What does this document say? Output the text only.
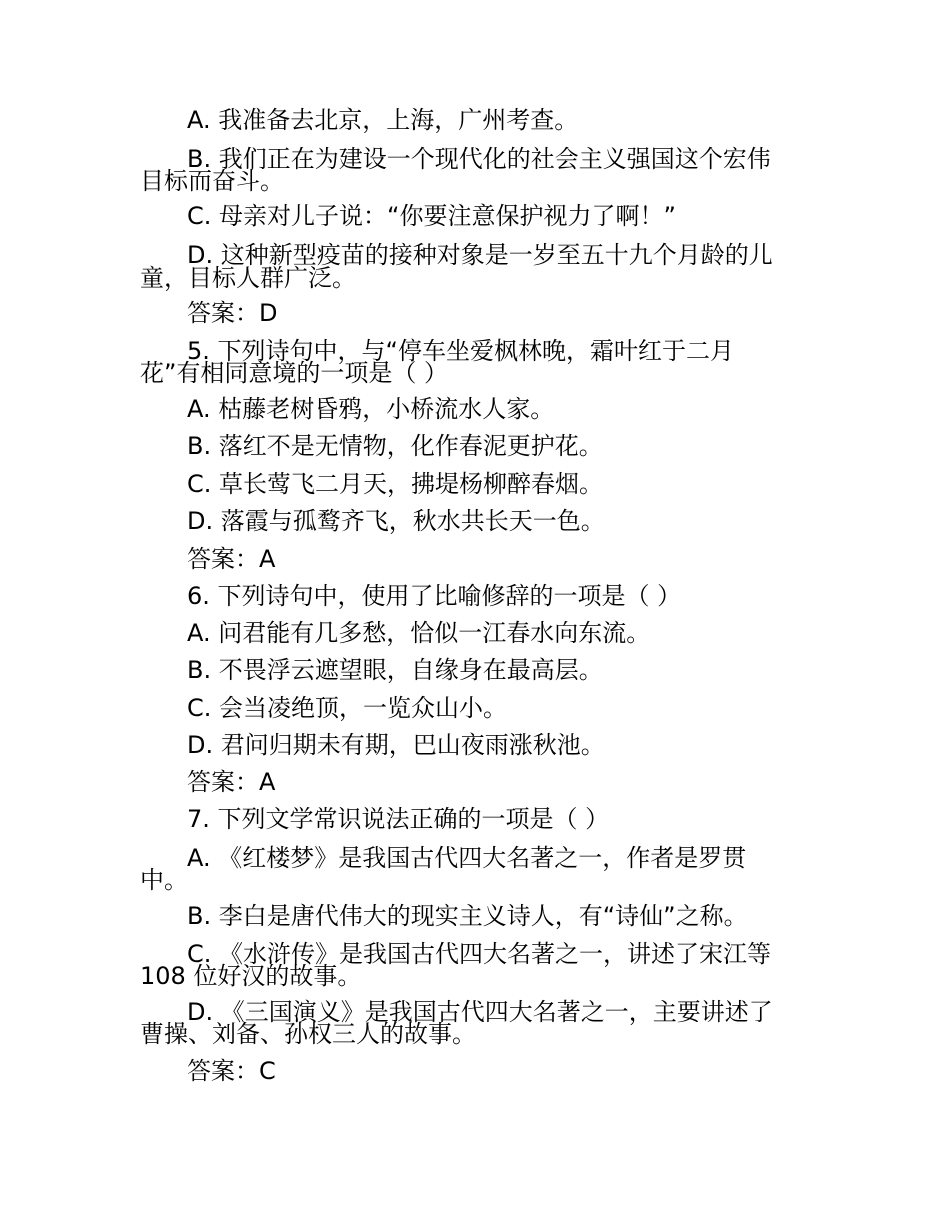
A. 我准备去北京，上海，广州考查。
B. 我们正在为建设一个现代化的社会主义强国这个宏伟
目标而奋斗。
C. 母亲对儿子说：“你要注意保护视力了啊！”
D. 这种新型疫苗的接种对象是一岁至五十九个月龄的儿
童，目标人群广泛。
答案：D
5. 下列诗句中，与“停车坐爱枫林晚，霜叶红于二月
花”有相同意境的一项是（ ）
A. 枯藤老树昏鸦，小桥流水人家。
B. 落红不是无情物，化作春泥更护花。
C. 草长莺飞二月天，拂堤杨柳醉春烟。
D. 落霞与孤鹜齐飞，秋水共长天一色。
答案：A
6. 下列诗句中，使用了比喻修辞的一项是（ ）
A. 问君能有几多愁，恰似一江春水向东流。
B. 不畏浮云遮望眼，自缘身在最高层。
C. 会当凌绝顶，一览众山小。
D. 君问归期未有期，巴山夜雨涨秋池。
答案：A
7. 下列文学常识说法正确的一项是（ ）
A. 《红楼梦》是我国古代四大名著之一，作者是罗贯
中。
B. 李白是唐代伟大的现实主义诗人，有“诗仙”之称。
C. 《水浒传》是我国古代四大名著之一，讲述了宋江等
108 位好汉的故事。
D. 《三国演义》是我国古代四大名著之一，主要讲述了
曹操、刘备、孙权三人的故事。
答案：C
